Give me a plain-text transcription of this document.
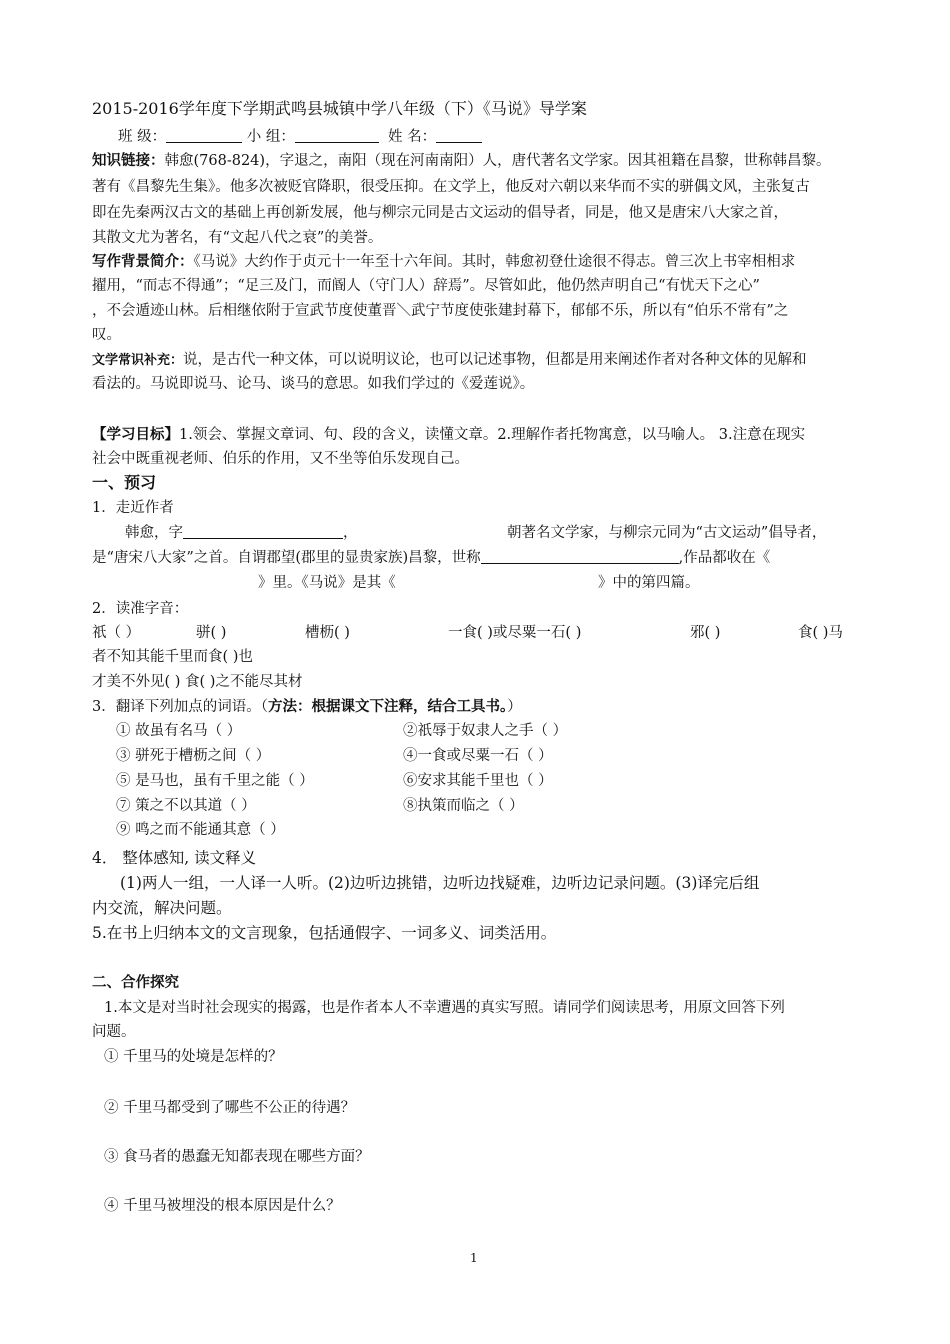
2015-2016学年度下学期武鸣县城镇中学八年级（下）《马说》导学案
班 级：	小 组：	姓 名：
知识链接：韩愈(768-824)，字退之，南阳（现在河南南阳）人，唐代著名文学家。因其祖籍在昌黎，世称韩昌黎。
著有《昌黎先生集》。他多次被贬官降职，很受压抑。在文学上，他反对六朝以来华而不实的骈偶文风，主张复古
即在先秦两汉古文的基础上再创新发展，他与柳宗元同是古文运动的倡导者，同是，他又是唐宋八大家之首，
其散文尤为著名，有“文起八代之衰”的美誉。
写作背景简介：《马说》大约作于贞元十一年至十六年间。其时，韩愈初登仕途很不得志。曾三次上书宰相相求
擢用，“而志不得通”；“足三及门，而阍人（守门人）辞焉”。尽管如此，他仍然声明自己“有忧天下之心”
，不会遁迹山林。后相继依附于宣武节度使董晋＼武宁节度使张建封幕下，郁郁不乐，所以有“伯乐不常有”之
叹。
文学常识补充：说，是古代一种文体，可以说明议论，也可以记述事物，但都是用来阐述作者对各种文体的见解和
看法的。马说即说马、论马、谈马的意思。如我们学过的《爱莲说》。
【学习目标】1.领会、掌握文章词、句、段的含义，读懂文章。2.理解作者托物寓意，以马喻人。 3.注意在现实
社会中既重视老师、伯乐的作用，又不坐等伯乐发现自己。
一、预习
1．走近作者
韩愈，字	，	朝著名文学家，与柳宗元同为“古文运动”倡导者，
是“唐宋八大家”之首。自谓郡望(郡里的显贵家族)昌黎，世称	,作品都收在《
》里。《马说》是其《	》中的第四篇。
2．读准字音：
祇（ ）	骈( )	槽枥( )	一食( )或尽粟一石( )	邪( )	食( )马
者不知其能千里而食( )也
才美不外见( ) 食( )之不能尽其材
3．翻译下列加点的词语。（方法：根据课文下注释，结合工具书。）
① 故虽有名马（ ）	②祇辱于奴隶人之手（ ）
③ 骈死于槽枥之间（ ）	④一食或尽粟一石（ ）
⑤ 是马也，虽有千里之能（ ）	⑥安求其能千里也（ ）
⑦ 策之不以其道（ ）	⑧执策而临之（ ）
⑨ 鸣之而不能通其意（ ）
4． 整体感知, 读文释义
(1)两人一组，一人译一人听。(2)边听边挑错，边听边找疑难，边听边记录问题。(3)译完后组
内交流，解决问题。
5.在书上归纳本文的文言现象，包括通假字、一词多义、词类活用。
二、合作探究
1.本文是对当时社会现实的揭露，也是作者本人不幸遭遇的真实写照。请同学们阅读思考，用原文回答下列
问题。
① 千里马的处境是怎样的？
② 千里马都受到了哪些不公正的待遇？
③ 食马者的愚蠢无知都表现在哪些方面？
④ 千里马被埋没的根本原因是什么？
1
